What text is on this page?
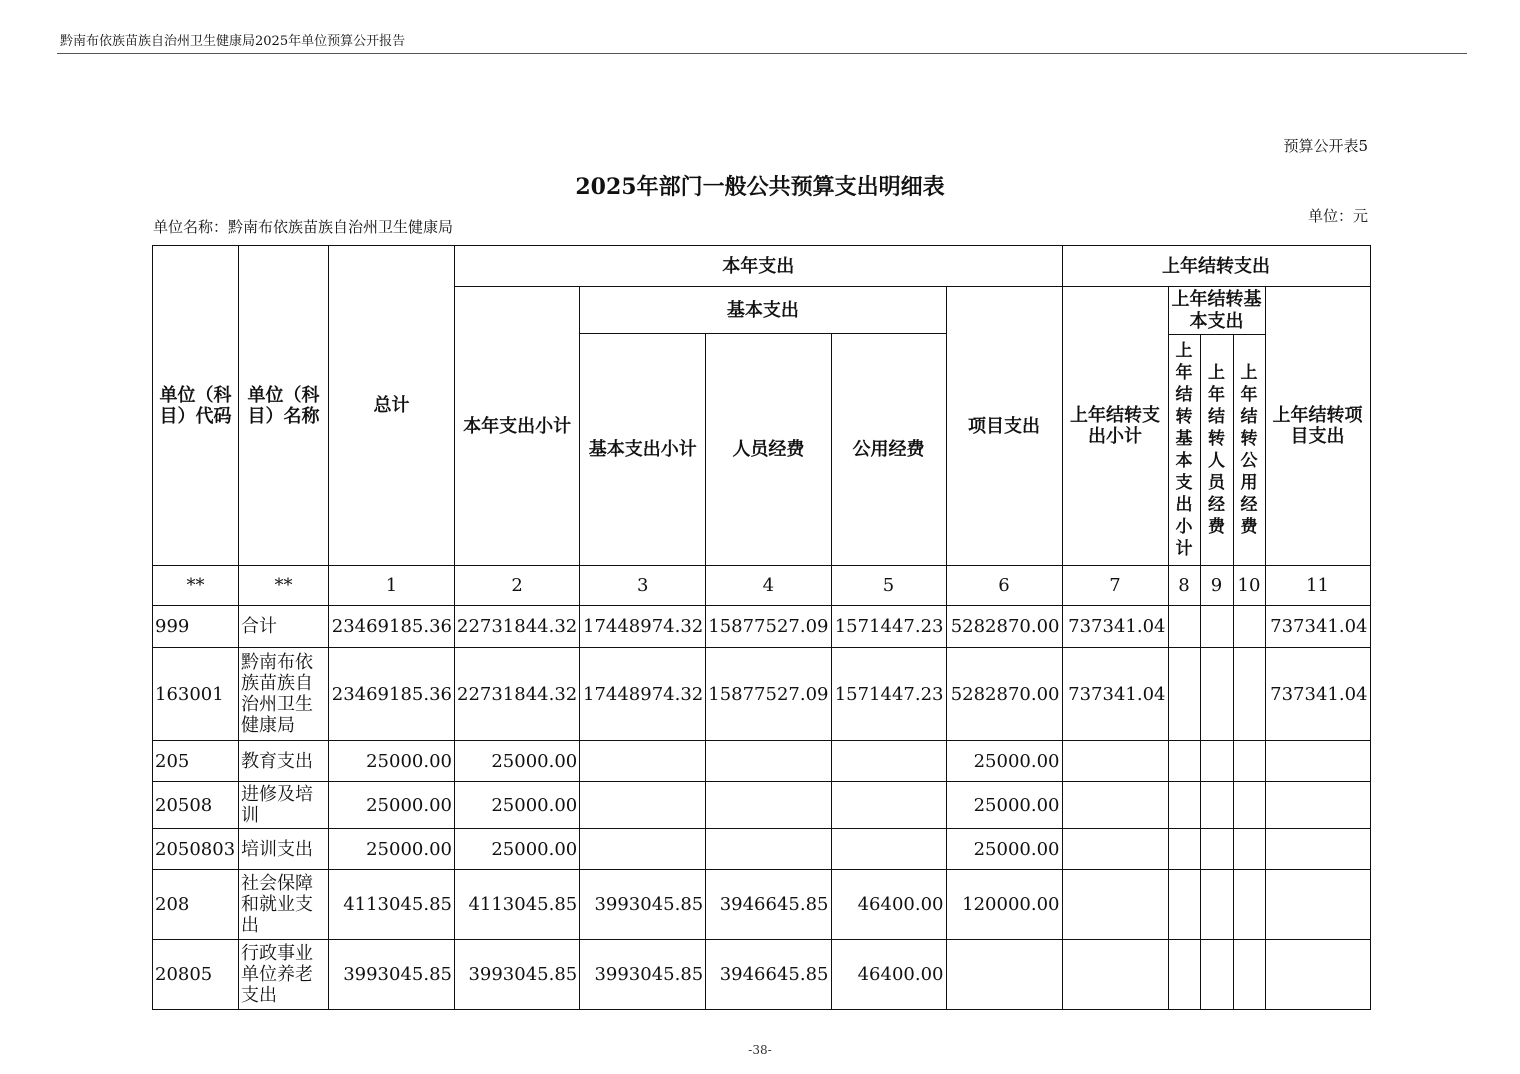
黔南布依族苗族自治州卫生健康局2025年单位预算公开报告
预算公开表5
2025年部门一般公共预算支出明细表
单位名称：黔南布依族苗族自治州卫生健康局
单位：元
单位（科目）代码	单位（科目）名称	总计	本年支出					上年结转支出				
			本年支出小计	基本支出			项目支出	上年结转支出小计	上年结转基本支出			上年结转项目支出
				基本支出小计	人员经费	公用经费						
									上年结转基本支出小计	上年结转人员经费	上年结转公用经费	
**	**	1	2	3	4	5	6	7	8	9	10	11
999	合计	23469185.36	22731844.32	17448974.32	15877527.09	1571447.23	5282870.00	737341.04				737341.04
163001	黔南布依族苗族自治州卫生健康局	23469185.36	22731844.32	17448974.32	15877527.09	1571447.23	5282870.00	737341.04				737341.04
205	教育支出	25000.00	25000.00				25000.00					
20508	进修及培训	25000.00	25000.00				25000.00					
2050803	培训支出	25000.00	25000.00				25000.00					
208	社会保障和就业支出	4113045.85	4113045.85	3993045.85	3946645.85	46400.00	120000.00					
20805	行政事业单位养老支出	3993045.85	3993045.85	3993045.85	3946645.85	46400.00						
-38-
